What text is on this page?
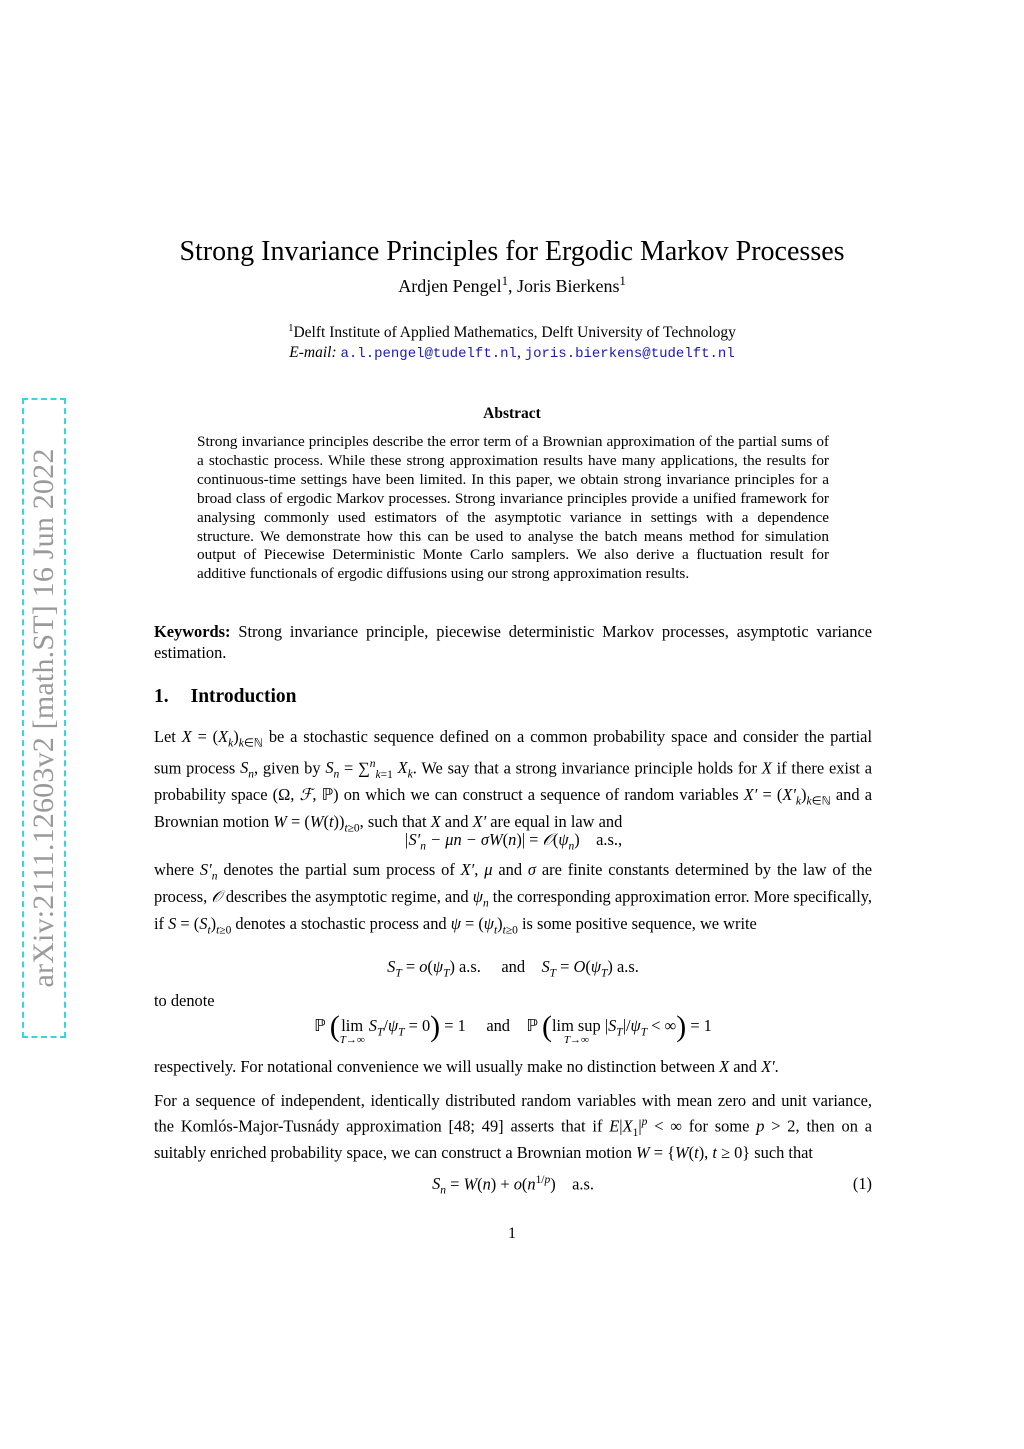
arXiv:2111.12603v2 [math.ST] 16 Jun 2022
Strong Invariance Principles for Ergodic Markov Processes
Ardjen Pengel$^1$, Joris Bierkens$^1$
$^1$Delft Institute of Applied Mathematics, Delft University of Technology
E-mail: a.l.pengel@tudelft.nl, joris.bierkens@tudelft.nl
Abstract
Strong invariance principles describe the error term of a Brownian approximation of the partial sums of a stochastic process. While these strong approximation results have many applications, the results for continuous-time settings have been limited. In this paper, we obtain strong invariance principles for a broad class of ergodic Markov processes. Strong invariance principles provide a unified framework for analysing commonly used estimators of the asymptotic variance in settings with a dependence structure. We demonstrate how this can be used to analyse the batch means method for simulation output of Piecewise Deterministic Monte Carlo samplers. We also derive a fluctuation result for additive functionals of ergodic diffusions using our strong approximation results.
Keywords: Strong invariance principle, piecewise deterministic Markov processes, asymptotic variance estimation.
1. Introduction
Let $X = (X_k)_{k\in ℕ}$ be a stochastic sequence defined on a common probability space and consider the partial sum process $S_n$, given by $S_n = \sum^n_{k=1}$ $X_k$. We say that a strong invariance principle holds for X if there exist a probability space (Ω, ℱ, ℙ) on which we can construct a sequence of random variables $X' = (X'_k)_{k\in ℕ}$ and a Brownian motion $W = (W(t))_{t\ge 0}$, such that X and X′ are equal in law and
$|S'_n - \mu n - \sigma W(n)|$ = $𝒪(\psi_n)$    a.s.,
where $S'_n$ denotes the partial sum process of X′, μ and σ are finite constants determined by the law of the process, 𝒪 describes the asymptotic regime, and $\psi_n$ the corresponding approximation error. More specifically, if $S = (S_t)_{t\ge 0}$ denotes a stochastic process and $\psi = (\psi_t)_{t\ge 0}$ is some positive sequence, we write
$S_T = o(\psi_T)$ a.s. and $S_T = O(\psi_T)$ a.s.
to denote
ℙ (lim
T→∞
$S_T/\psi_T = 0) = 1$ and    ℙ (lim sup
T→∞
$|S_T|/\psi_T$ < ∞) = 1
respectively. For notational convenience we will usually make no distinction between X and X′.
For a sequence of independent, identically distributed random variables with mean zero and unit variance, the Komlós-Major-Tusnády approximation [48; 49] asserts that if $E|X_1|^p$ < ∞ for some p > 2, then on a suitably enriched probability space, we can construct a Brownian motion W = {W(t), t ≥ 0} such that
$S_n = W(n) + o(n^{1/p})$    a.s.	(1)
1
